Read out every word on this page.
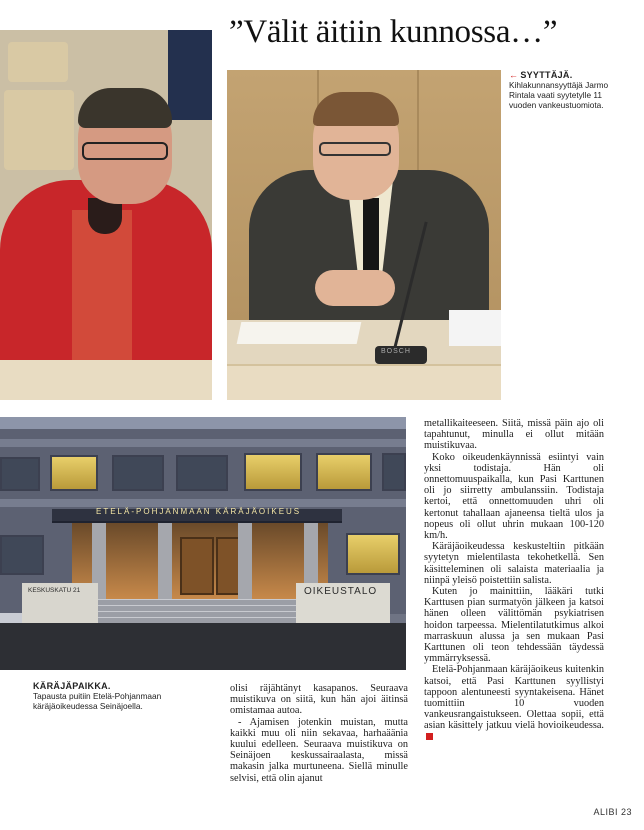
”Välit äitiin kunnossa…”
BOSCH
← SYYTTÄJÄ.
Kihlakunnansyyttäjä Jarmo Rintala vaati syytetylle 11 vuoden vankeustuomiota.
ETELÄ-POHJANMAAN KÄRÄJÄOIKEUS
KESKUSKATU 21	OIKEUSTALO
KÄRÄJÄPAIKKA.
Tapausta puitiin Etelä-Pohjanmaan käräjäoikeudessa Seinäjoella.

olisi räjähtänyt kasapanos. Seuraava muistikuva on siitä, kun hän ajoi äitinsä omistamaa autoa.

- Ajamisen jotenkin muistan, mutta kaikki muu oli niin sekavaa, harhaäänia kuului edelleen. Seuraava muistikuva on Seinäjoen keskussairaalasta, missä makasin jalka murtuneena. Siellä minulle selvisi, että olin ajanut

metallikaiteeseen. Siitä, missä päin ajo oli tapahtunut, minulla ei ollut mitään muistikuvaa.

Koko oikeudenkäynnissä esiintyi vain yksi todistaja. Hän oli onnettomuuspaikalla, kun Pasi Karttunen oli jo siirretty ambulanssiin. Todistaja kertoi, että onnettomuuden uhri oli kertonut tahallaan ajaneensa tieltä ulos ja nopeus oli ollut uhrin mukaan 100-120 km/h.

Käräjäoikeudessa keskusteltiin pitkään syytetyn mielentilasta tekohetkellä. Sen käsitteleminen oli salaista materiaalia ja niinpä yleisö poistettiin salista.

Kuten jo mainittiin, lääkäri tutki Karttusen pian surmatyön jälkeen ja katsoi hänen olleen välittömän psykiatrisen hoidon tarpeessa. Mielentilatutkimus alkoi marraskuun alussa ja sen mukaan Pasi Karttunen oli teon tehdessään täydessä ymmärryksessä.

Etelä-Pohjanmaan käräjäoikeus kuitenkin katsoi, että Pasi Karttunen syyllistyi tappoon alentuneesti syyntakeisena. Hänet tuomittiin 10 vuoden vankeusrangaistukseen. Olettaa sopii, että asian käsittely jatkuu vielä hovioikeudessa.

ALIBI 23
